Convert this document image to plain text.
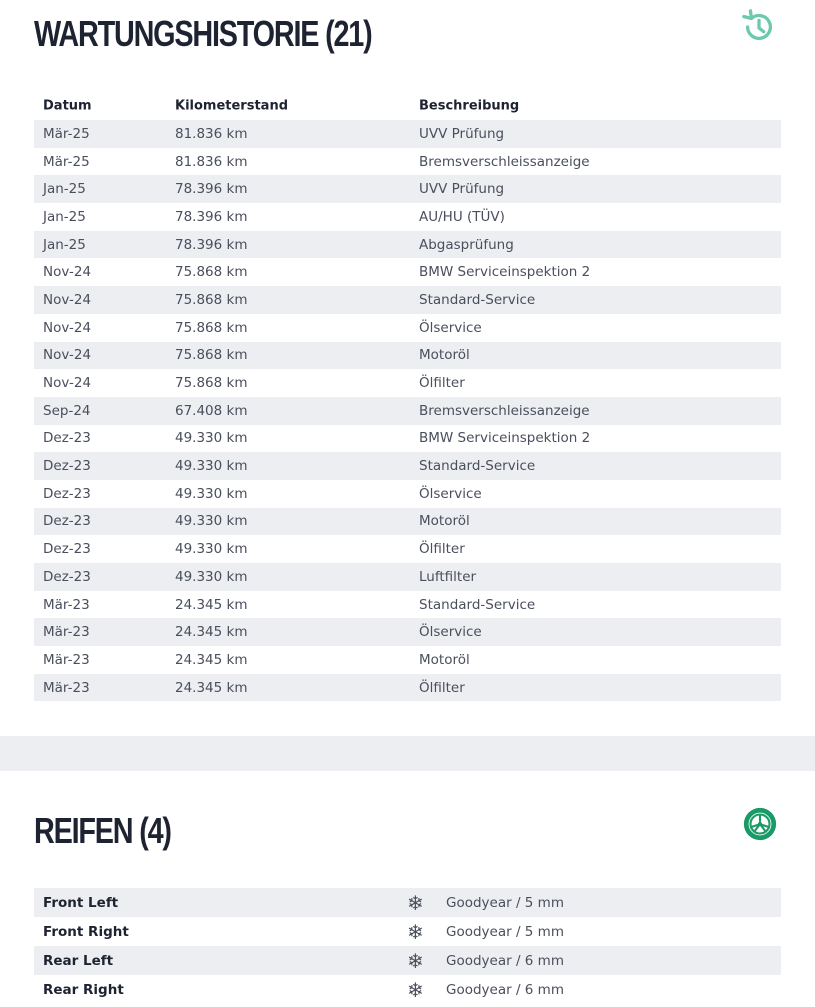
WARTUNGSHISTORIE (21)
Datum	Kilometerstand	Beschreibung
Mär-25	81.836 km	UVV Prüfung
Mär-25	81.836 km	Bremsverschleissanzeige
Jan-25	78.396 km	UVV Prüfung
Jan-25	78.396 km	AU/HU (TÜV)
Jan-25	78.396 km	Abgasprüfung
Nov-24	75.868 km	BMW Serviceinspektion 2
Nov-24	75.868 km	Standard-Service
Nov-24	75.868 km	Ölservice
Nov-24	75.868 km	Motoröl
Nov-24	75.868 km	Ölfilter
Sep-24	67.408 km	Bremsverschleissanzeige
Dez-23	49.330 km	BMW Serviceinspektion 2
Dez-23	49.330 km	Standard-Service
Dez-23	49.330 km	Ölservice
Dez-23	49.330 km	Motoröl
Dez-23	49.330 km	Ölfilter
Dez-23	49.330 km	Luftfilter
Mär-23	24.345 km	Standard-Service
Mär-23	24.345 km	Ölservice
Mär-23	24.345 km	Motoröl
Mär-23	24.345 km	Ölfilter
REIFEN (4)
Front Left	❄ Goodyear / 5 mm
Front Right	❄ Goodyear / 5 mm
Rear Left	❄ Goodyear / 6 mm
Rear Right	❄ Goodyear / 6 mm
